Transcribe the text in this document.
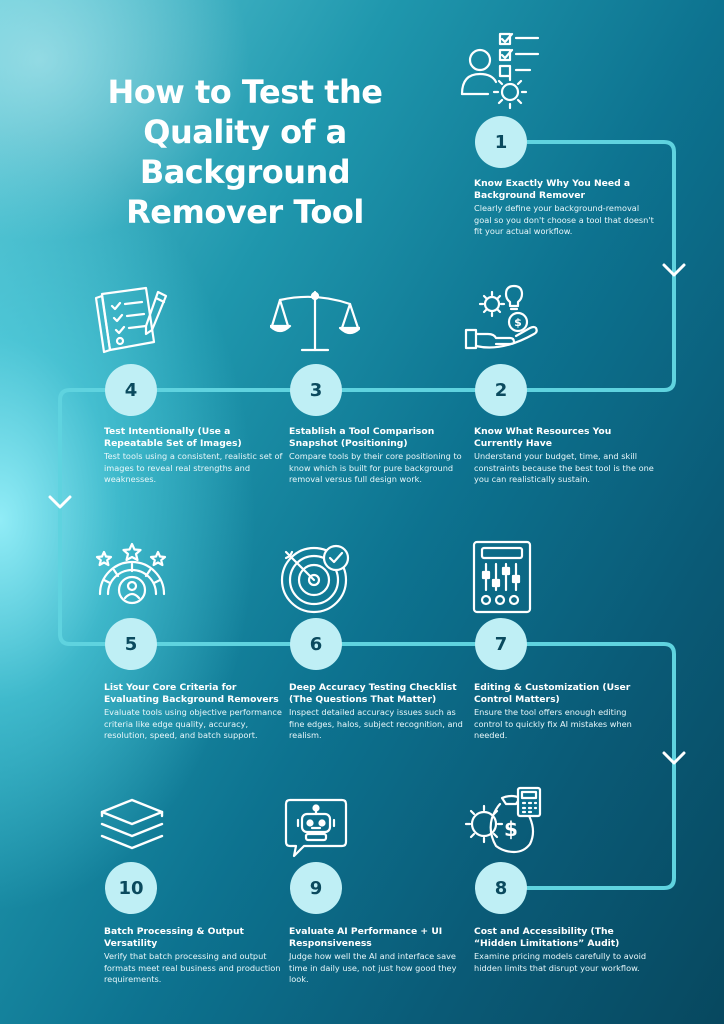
How to Test the
Quality of a
Background
Remover Tool
$
$
1
2
3
4
5	6	7
8
9
10

Know Exactly Why You Need a Background Remover

Clearly define your background-removal goal so you don't choose a tool that doesn't fit your actual workflow.

Know What Resources You Currently Have

Understand your budget, time, and skill constraints because the best tool is the one you can realistically sustain.

Establish a Tool Comparison Snapshot (Positioning)

Compare tools by their core positioning to know which is built for pure background removal versus full design work.

Test Intentionally (Use a Repeatable Set of Images)

Test tools using a consistent, realistic set of images to reveal real strengths and weaknesses.

List Your Core Criteria for Evaluating Background Removers

Evaluate tools using objective performance criteria like edge quality, accuracy, resolution, speed, and batch support.

Deep Accuracy Testing Checklist (The Questions That Matter)

Inspect detailed accuracy issues such as fine edges, halos, subject recognition, and realism.

Editing & Customization (User Control Matters)

Ensure the tool offers enough editing control to quickly fix AI mistakes when needed.

Cost and Accessibility (The “Hidden Limitations” Audit)

Examine pricing models carefully to avoid hidden limits that disrupt your workflow.

Evaluate AI Performance + UI Responsiveness

Judge how well the AI and interface save time in daily use, not just how good they look.

Batch Processing & Output Versatility

Verify that batch processing and output formats meet real business and production requirements.
